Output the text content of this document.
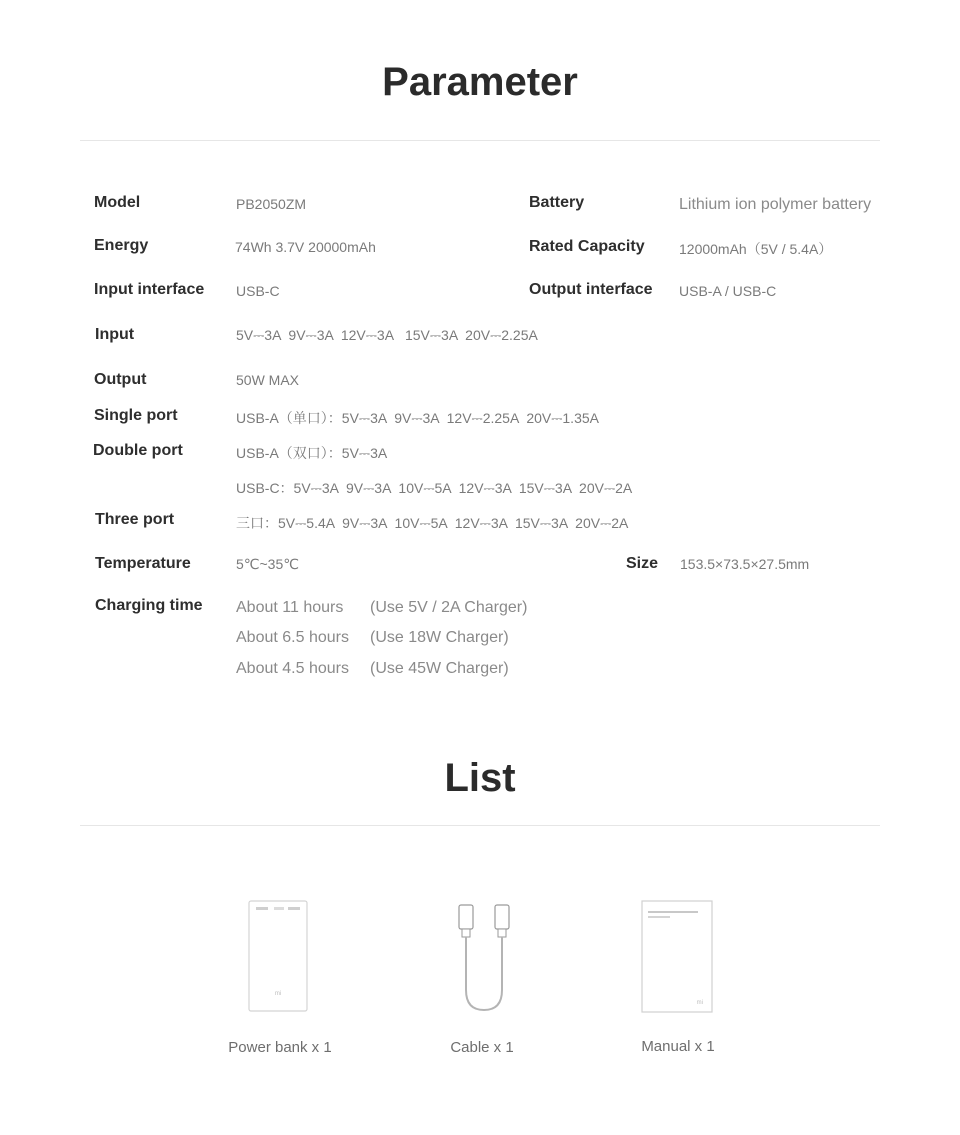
Parameter
Model	PB2050ZM	Battery	Lithium ion polymer battery
Energy	74Wh 3.7V 20000mAh	Rated Capacity 12000mAh（5V / 5.4A）
Input interface USB-C	Output interface USB-A / USB-C
Input	5V⎓3A  9V⎓3A  12V⎓3A   15V⎓3A  20V⎓2.25A
Output	50W MAX
Single port	USB-A（单口）：5V⎓3A  9V⎓3A  12V⎓2.25A  20V⎓1.35A
Double port	USB-A（双口）：5V⎓3A
USB-C：5V⎓3A  9V⎓3A  10V⎓5A  12V⎓3A  15V⎓3A  20V⎓2A
Three port	三口：5V⎓5.4A  9V⎓3A  10V⎓5A  12V⎓3A  15V⎓3A  20V⎓2A
Temperature	5℃~35℃	Size 153.5×73.5×27.5mm
Charging time About 11 hours (Use 5V / 2A Charger)
About 6.5 hours (Use 18W Charger)
About 4.5 hours (Use 45W Charger)
List
mi
Power bank x 1	Cable x 1
mi
Manual x 1
